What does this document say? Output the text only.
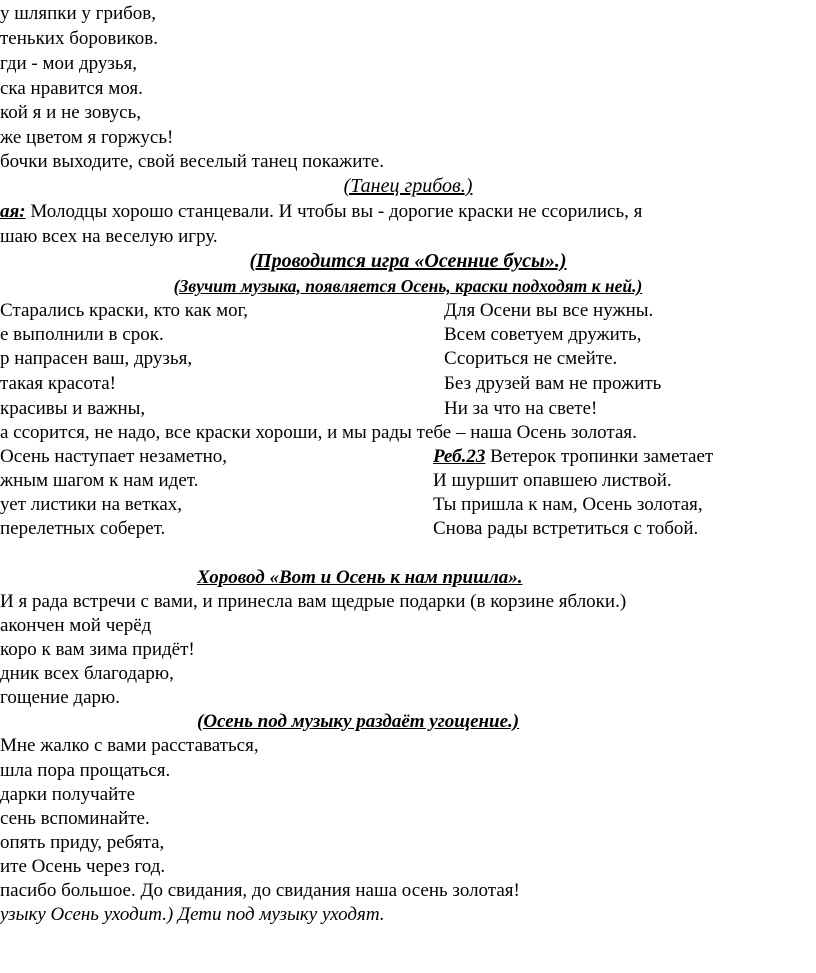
у шляпки у грибов,
теньких боровиков.
гди - мои друзья,
ска нравится моя.
кой я и не зовусь,
же цветом я горжусь!
бочки выходите, свой веселый танец покажите.
(Танец грибов.)
ая: Молодцы хорошо станцевали. И чтобы вы - дорогие краски не ссорились, я
шаю всех на веселую игру.
(Проводится игра «Осенние бусы».)
(Звучит музыка, появляется Осень, краски подходят к ней.)
Старались краски, кто как мог,
е выполнили в срок.
р напрасен ваш, друзья,
такая красота!
красивы и важны,
Для Осени вы все нужны.
Всем советуем дружить,
Ссориться не смейте.
Без друзей вам не прожить
Ни за что на свете!
а ссорится, не надо, все краски хороши, и мы рады тебе – наша Осень золотая.
Осень наступает незаметно,
жным шагом к нам идет.
ует листики на ветках,
перелетных соберет.
Реб.23 Ветерок тропинки заметает
И шуршит опавшею листвой.
Ты пришла к нам, Осень золотая,
Снова рады встретиться с тобой.
Хоровод «Вот и Осень к нам пришла».
И я рада встречи с вами, и принесла вам щедрые подарки (в корзине яблоки.)
акончен мой черёд
коро к вам зима придёт!
дник всех благодарю,
гощение дарю.
(Осень под музыку раздаёт угощение.)
Мне жалко с вами расставаться,
шла пора прощаться.
дарки получайте
сень вспоминайте.
опять приду, ребята,
ите Осень через год.
пасибо большое. До свидания, до свидания наша осень золотая!
узыку Осень уходит.) Дети под музыку уходят.
